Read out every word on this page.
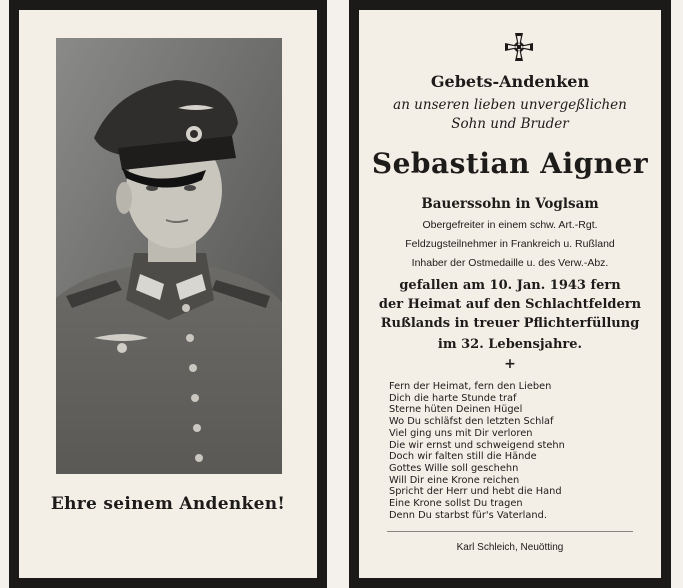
Ehre seinem Andenken!
Gebets-Andenken
an unseren lieben unvergeßlichen
Sohn und Bruder
Sebastian Aigner
Bauerssohn in Voglsam
Obergefreiter in einem schw. Art.-Rgt.
Feldzugsteilnehmer in Frankreich u. Rußland
Inhaber der Ostmedaille u. des Verw.-Abz.
gefallen am 10. Jan. 1943 fern
der Heimat auf den Schlachtfeldern
Rußlands in treuer Pflichterfüllung
im 32. Lebensjahre.
+
Fern der Heimat, fern den Lieben
Dich die harte Stunde traf
Sterne hüten Deinen Hügel
Wo Du schläfst den letzten Schlaf
Viel ging uns mit Dir verloren
Die wir ernst und schweigend stehn
Doch wir falten still die Hände
Gottes Wille soll geschehn
Will Dir eine Krone reichen
Spricht der Herr und hebt die Hand
Eine Krone sollst Du tragen
Denn Du starbst für's Vaterland.
Karl Schleich, Neuötting
